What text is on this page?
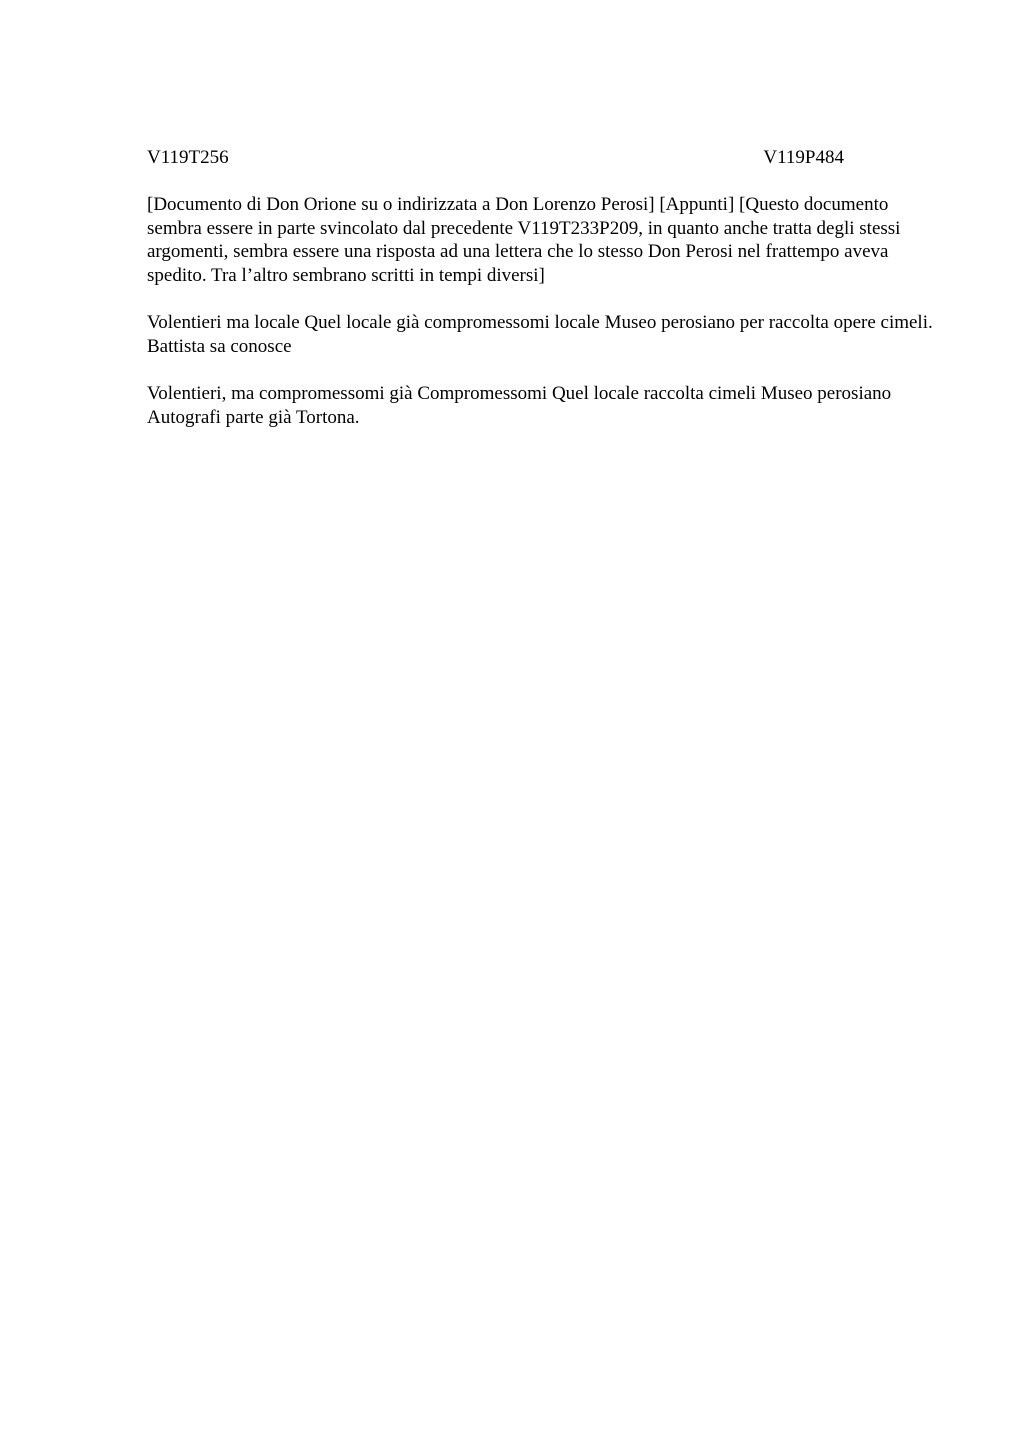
V119T256	V119P484

[Documento di Don Orione su o indirizzata a Don Lorenzo Perosi] [Appunti] [Questo documento sembra essere in parte svincolato dal precedente V119T233P209, in quanto anche tratta degli stessi argomenti, sembra essere una risposta ad una lettera che lo stesso Don Perosi nel frattempo aveva spedito. Tra l’altro sembrano scritti in tempi diversi]

Volentieri ma locale Quel locale già compromessomi locale Museo perosiano per raccolta opere cimeli. Battista sa conosce

Volentieri, ma compromessomi già Compromessomi Quel locale raccolta cimeli Museo perosiano Autografi parte già Tortona.
